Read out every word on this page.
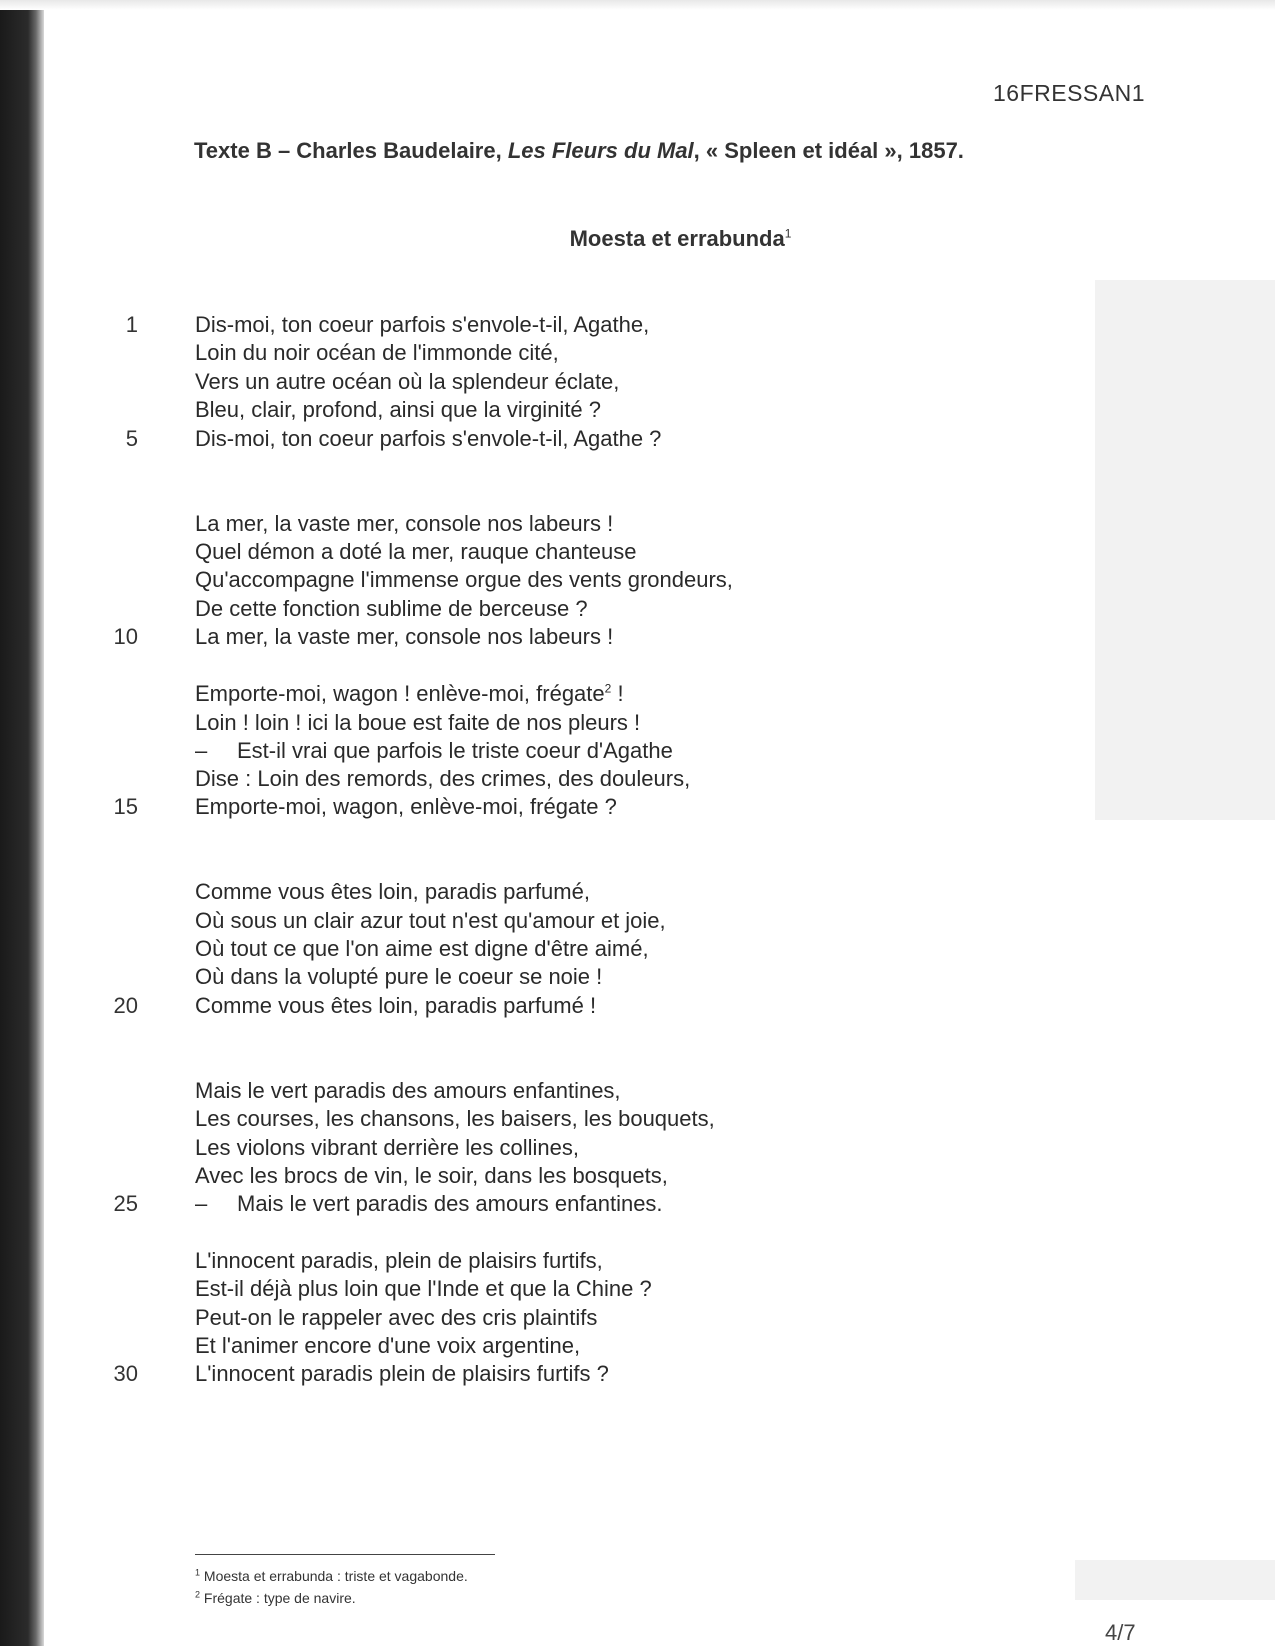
16FRESSAN1
Texte B – Charles Baudelaire, Les Fleurs du Mal, « Spleen et idéal », 1857.
Moesta et errabunda$^1$
1	Dis-moi, ton coeur parfois s'envole-t-il, Agathe,
Loin du noir océan de l'immonde cité,
Vers un autre océan où la splendeur éclate,
Bleu, clair, profond, ainsi que la virginité ?
5	Dis-moi, ton coeur parfois s'envole-t-il, Agathe ?
La mer, la vaste mer, console nos labeurs !
Quel démon a doté la mer, rauque chanteuse
Qu'accompagne l'immense orgue des vents grondeurs,
De cette fonction sublime de berceuse ?
10	La mer, la vaste mer, console nos labeurs !
Emporte-moi, wagon ! enlève-moi, frégate$^2$ !
Loin ! loin ! ici la boue est faite de nos pleurs !
– Est-il vrai que parfois le triste coeur d'Agathe
Dise : Loin des remords, des crimes, des douleurs,
15	Emporte-moi, wagon, enlève-moi, frégate ?
Comme vous êtes loin, paradis parfumé,
Où sous un clair azur tout n'est qu'amour et joie,
Où tout ce que l'on aime est digne d'être aimé,
Où dans la volupté pure le coeur se noie !
20	Comme vous êtes loin, paradis parfumé !
Mais le vert paradis des amours enfantines,
Les courses, les chansons, les baisers, les bouquets,
Les violons vibrant derrière les collines,
Avec les brocs de vin, le soir, dans les bosquets,
25	– Mais le vert paradis des amours enfantines.
L'innocent paradis, plein de plaisirs furtifs,
Est-il déjà plus loin que l'Inde et que la Chine ?
Peut-on le rappeler avec des cris plaintifs
Et l'animer encore d'une voix argentine,
30	L'innocent paradis plein de plaisirs furtifs ?
$^1$ Moesta et errabunda : triste et vagabonde.
$^2$ Frégate : type de navire.
4/7
